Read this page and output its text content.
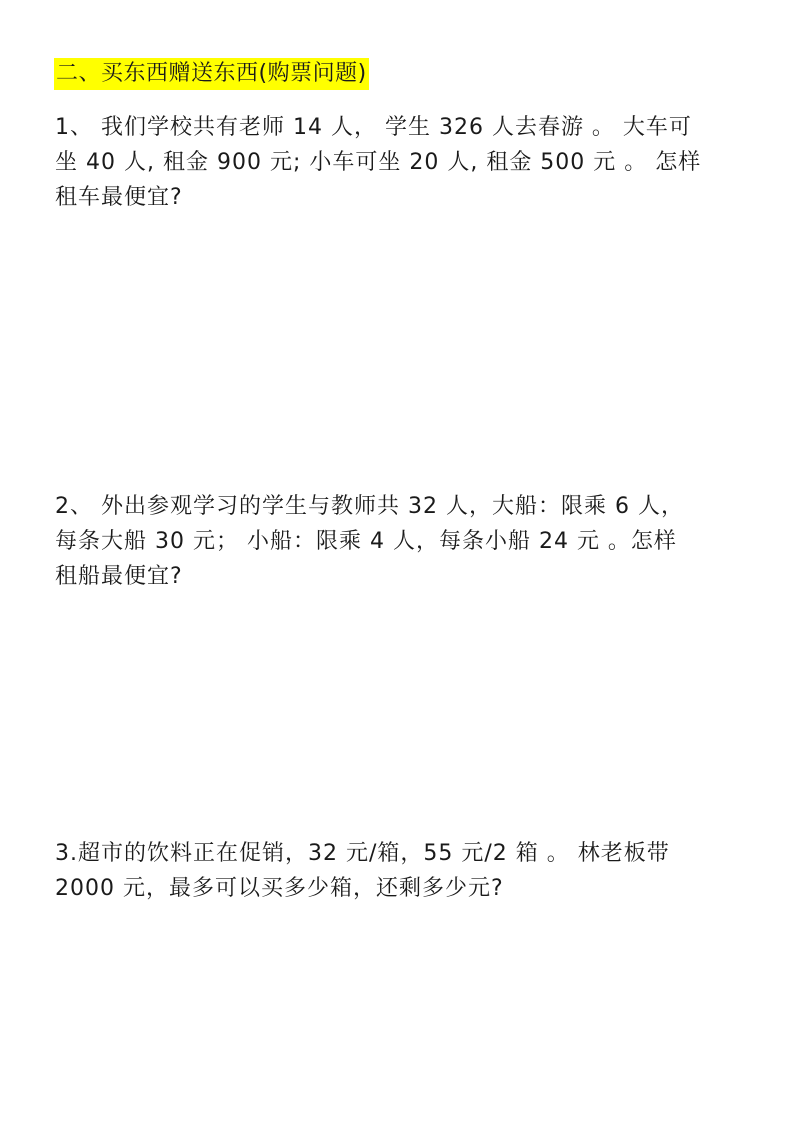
二、买东西赠送东西(购票问题)
1、 我们学校共有老师 14 人， 学生 326 人去春游 。 大车可
坐 40 人, 租金 900 元; 小车可坐 20 人, 租金 500 元 。 怎样
租车最便宜?
2、 外出参观学习的学生与教师共 32 人，大船：限乘 6 人，
每条大船 30 元； 小船：限乘 4 人，每条小船 24 元 。怎样
租船最便宜?
3.超市的饮料正在促销，32 元/箱，55 元/2 箱 。 林老板带
2000 元，最多可以买多少箱，还剩多少元?
